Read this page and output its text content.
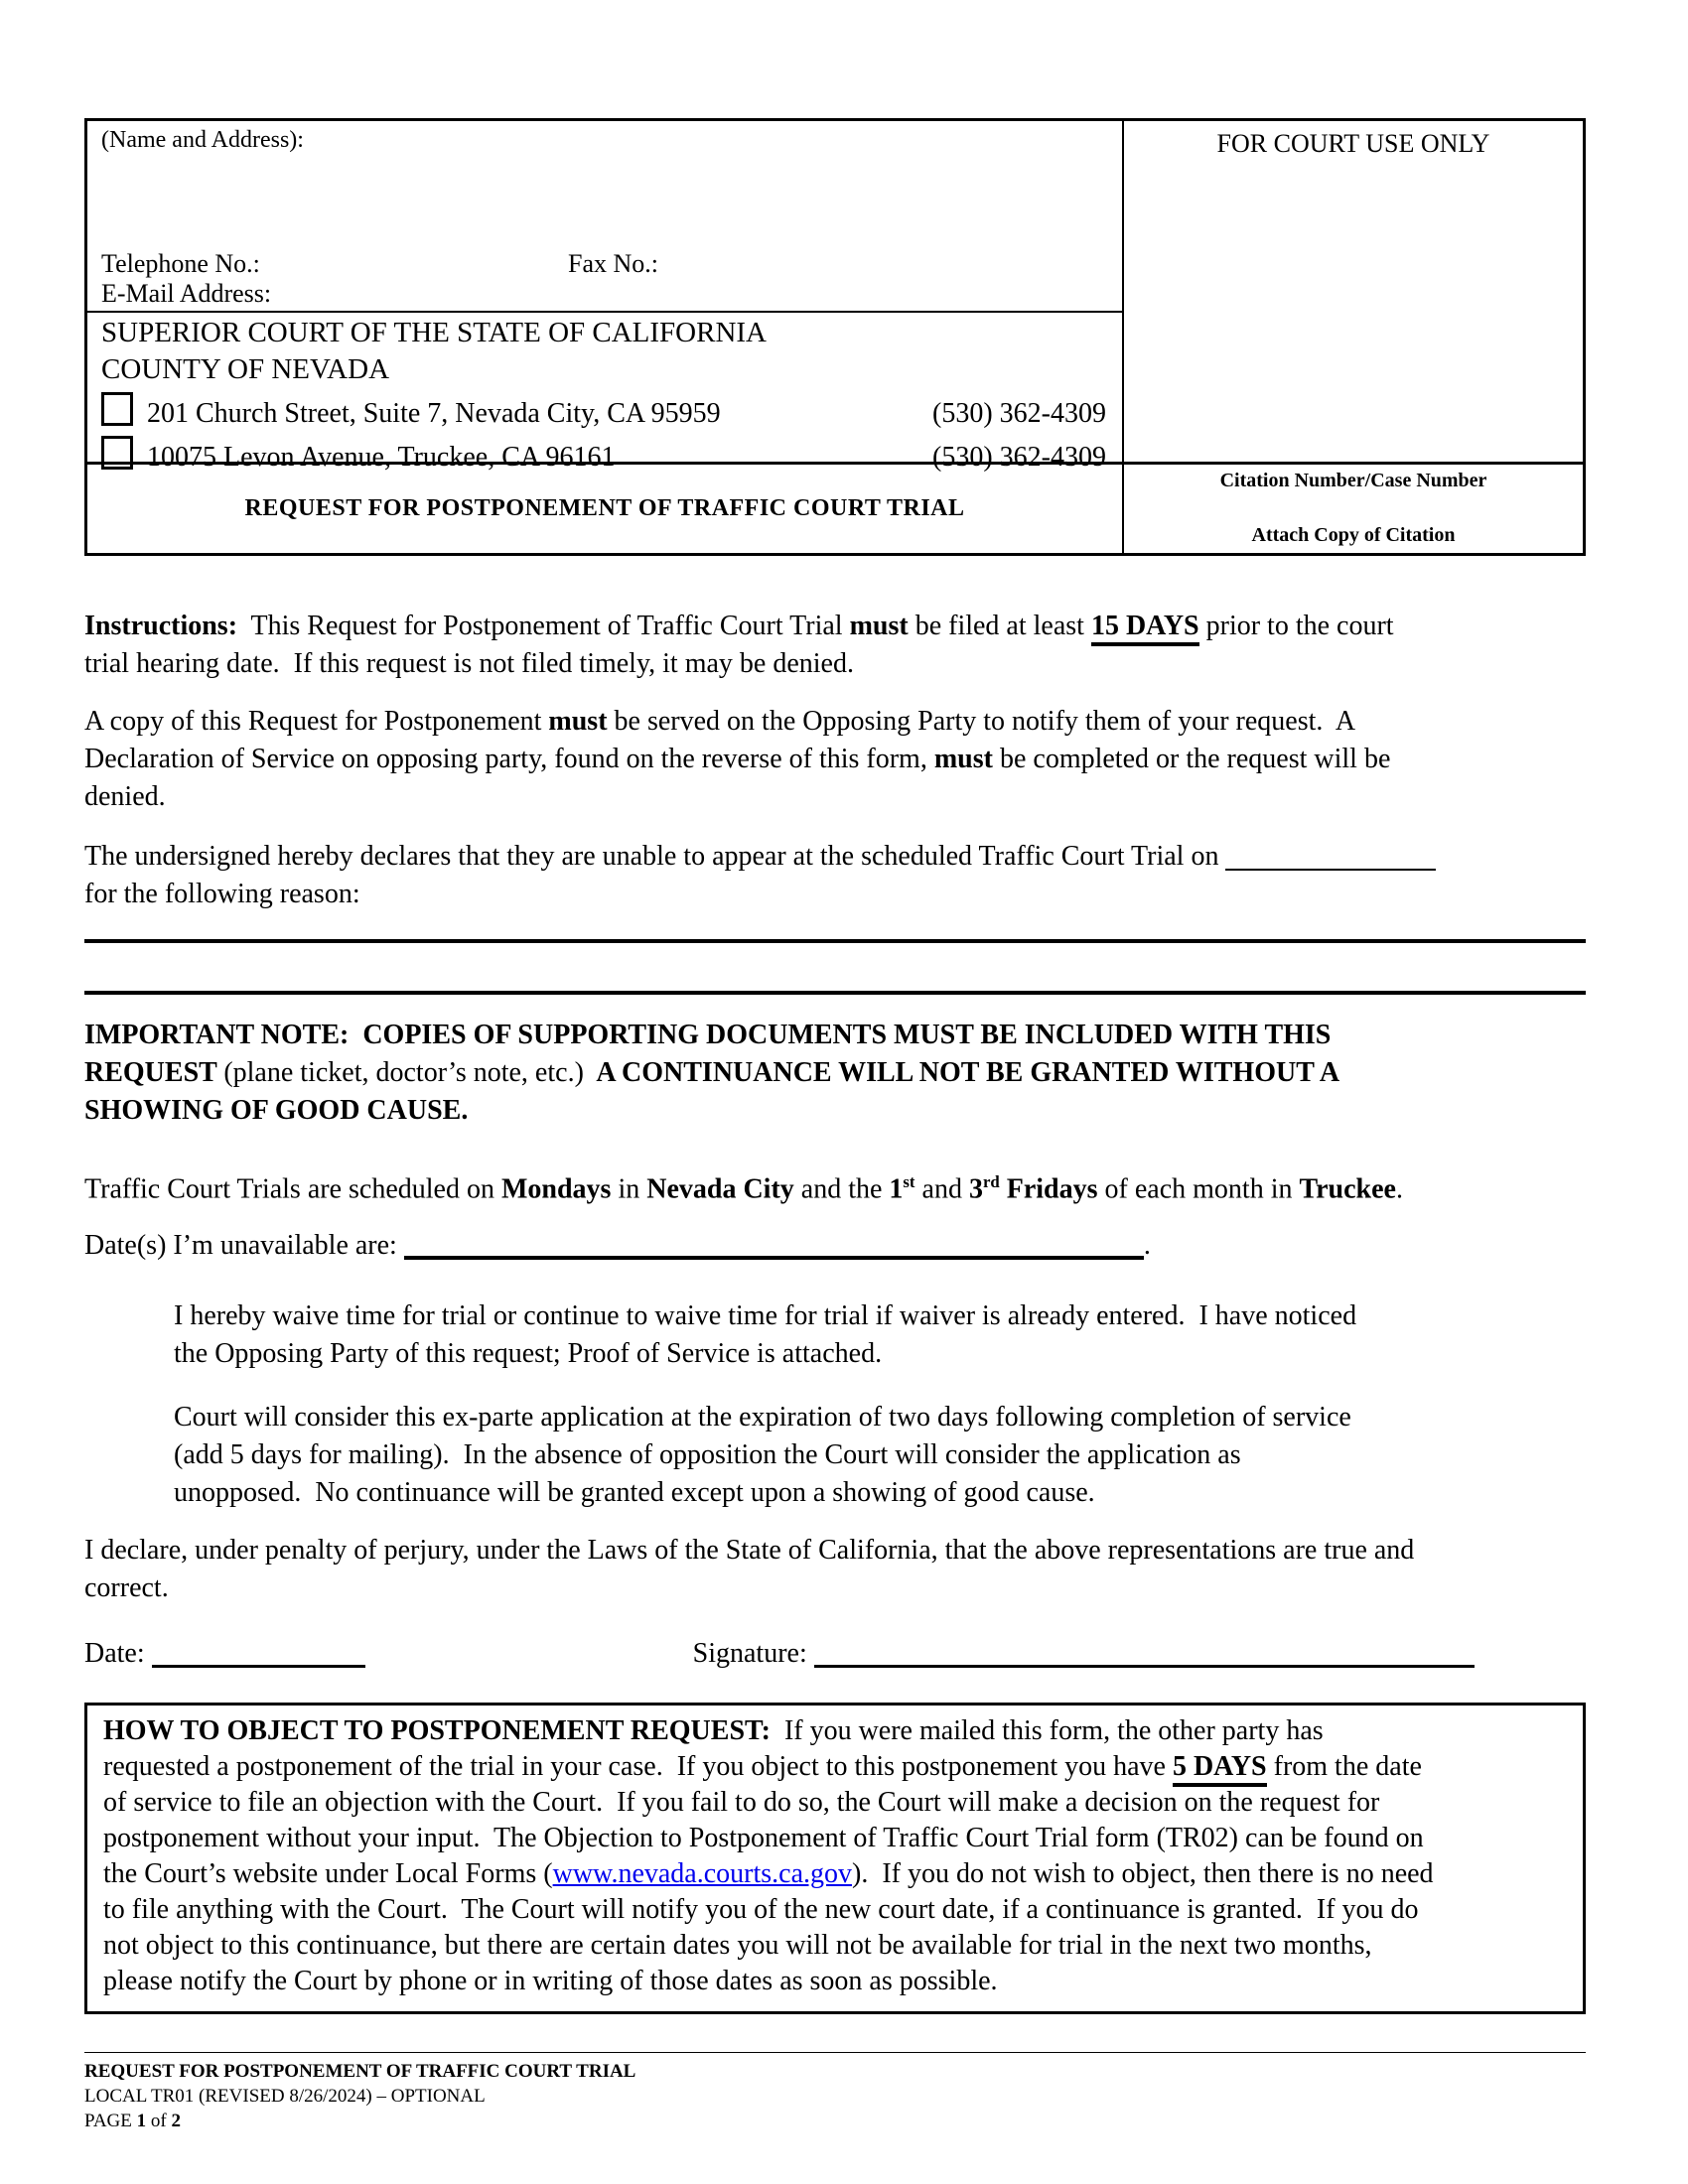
(Name and Address):
Telephone No.:	Fax No.:
E-Mail Address:
FOR COURT USE ONLY
SUPERIOR COURT OF THE STATE OF CALIFORNIA
COUNTY OF NEVADA
201 Church Street, Suite 7, Nevada City, CA 95959	(530) 362-4309
10075 Levon Avenue, Truckee, CA 96161	(530) 362-4309
REQUEST FOR POSTPONEMENT OF TRAFFIC COURT TRIAL
Citation Number/Case Number
Attach Copy of Citation
Instructions:  This Request for Postponement of Traffic Court Trial must be filed at least 15 DAYS prior to the court
trial hearing date.  If this request is not filed timely, it may be denied.
A copy of this Request for Postponement must be served on the Opposing Party to notify them of your request.  A
Declaration of Service on opposing party, found on the reverse of this form, must be completed or the request will be
denied.
The undersigned hereby declares that they are unable to appear at the scheduled Traffic Court Trial on
for the following reason:
IMPORTANT NOTE:  COPIES OF SUPPORTING DOCUMENTS MUST BE INCLUDED WITH THIS
REQUEST (plane ticket, doctor’s note, etc.)  A CONTINUANCE WILL NOT BE GRANTED WITHOUT A
SHOWING OF GOOD CAUSE.
Traffic Court Trials are scheduled on Mondays in Nevada City and the 1st and 3rd Fridays of each month in Truckee.
Date(s) I’m unavailable are:	.
I hereby waive time for trial or continue to waive time for trial if waiver is already entered.  I have noticed
the Opposing Party of this request; Proof of Service is attached.
Court will consider this ex-parte application at the expiration of two days following completion of service
(add 5 days for mailing).  In the absence of opposition the Court will consider the application as
unopposed.  No continuance will be granted except upon a showing of good cause.
I declare, under penalty of perjury, under the Laws of the State of California, that the above representations are true and
correct.
Date:	Signature:
HOW TO OBJECT TO POSTPONEMENT REQUEST:  If you were mailed this form, the other party has
requested a postponement of the trial in your case.  If you object to this postponement you have 5 DAYS from the date
of service to file an objection with the Court.  If you fail to do so, the Court will make a decision on the request for
postponement without your input.  The Objection to Postponement of Traffic Court Trial form (TR02) can be found on
the Court’s website under Local Forms (www.nevada.courts.ca.gov).  If you do not wish to object, then there is no need
to file anything with the Court.  The Court will notify you of the new court date, if a continuance is granted.  If you do
not object to this continuance, but there are certain dates you will not be available for trial in the next two months,
please notify the Court by phone or in writing of those dates as soon as possible.
REQUEST FOR POSTPONEMENT OF TRAFFIC COURT TRIAL
LOCAL TR01 (REVISED 8/26/2024) – OPTIONAL
PAGE 1 of 2
